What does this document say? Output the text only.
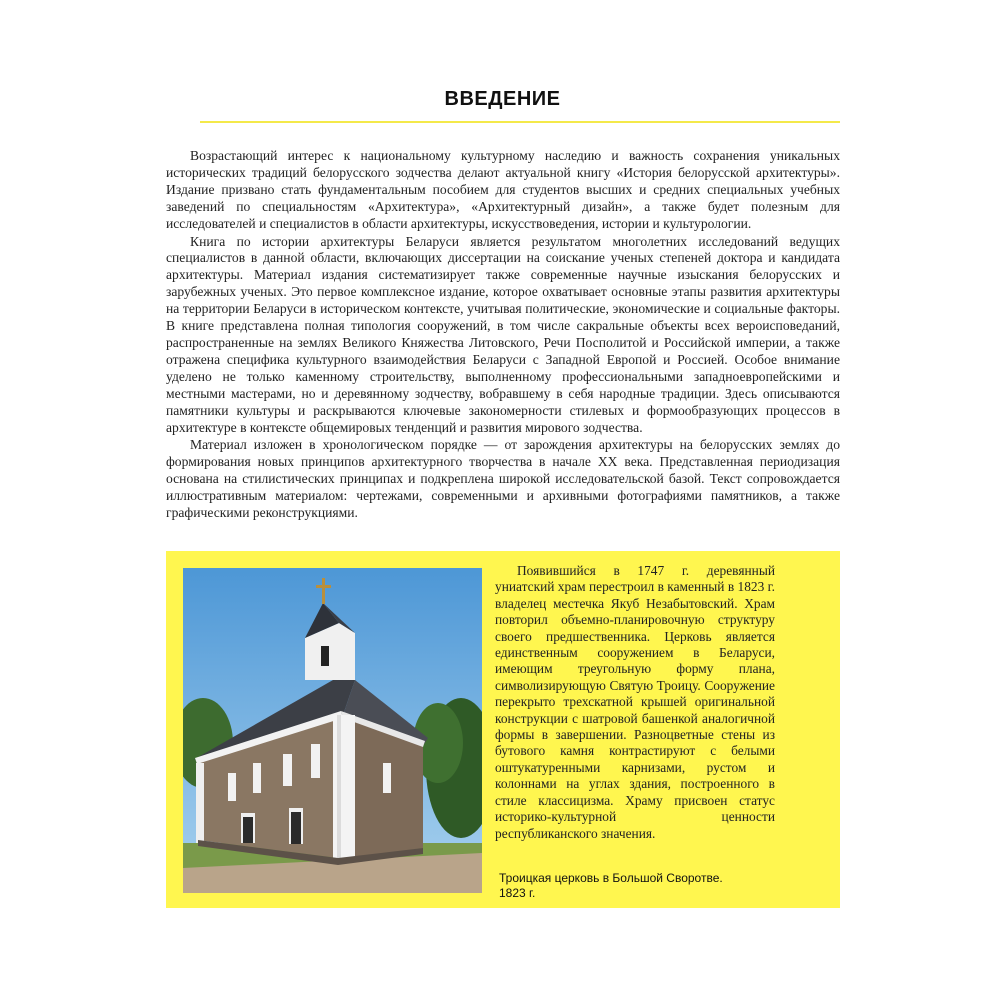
ВВЕДЕНИЕ

Возрастающий интерес к национальному культурному наследию и важность сохранения уникальных исторических традиций белорусского зодчества делают актуальной книгу «История белорусской архитектуры». Издание призвано стать фундаментальным пособием для студентов высших и средних специальных учебных заведений по специальностям «Архитектура», «Архитектурный дизайн», а также будет полезным для исследователей и специалистов в области архитектуры, искусствоведения, истории и культурологии.

Книга по истории архитектуры Беларуси является результатом многолетних исследований ведущих специалистов в данной области, включающих диссертации на соискание ученых степеней доктора и кандидата архитектуры. Материал издания систематизирует также современные научные изыскания белорусских и зарубежных ученых. Это первое комплексное издание, которое охватывает основные этапы развития архитектуры на территории Беларуси в историческом контексте, учитывая политические, экономические и социальные факторы. В книге представлена полная типология сооружений, в том числе сакральные объекты всех вероисповеданий, распространенные на землях Великого Княжества Литовского, Речи Посполитой и Российской империи, а также отражена специфика культурного взаимодействия Беларуси с Западной Европой и Россией. Особое внимание уделено не только каменному строительству, выполненному профессиональными западноевропейскими и местными мастерами, но и деревянному зодчеству, вобравшему в себя народные традиции. Здесь описываются памятники культуры и раскрываются ключевые закономерности стилевых и формообразующих процессов в архитектуре в контексте общемировых тенденций и развития мирового зодчества.

Материал изложен в хронологическом порядке — от зарождения архитектуры на белорусских землях до формирования новых принципов архитектурного творчества в начале XX века. Представленная периодизация основана на стилистических принципах и подкреплена широкой исследовательской базой. Текст сопровождается иллюстративным материалом: чертежами, современными и архивными фотографиями памятников, а также графическими реконструкциями.

Появившийся в 1747 г. деревянный униатский храм перестроил в каменный в 1823 г. владелец местечка Якуб Незабытовский. Храм повторил объемно-планировочную структуру своего предшественника. Церковь является единственным сооружением в Беларуси, имеющим треугольную форму плана, символизирующую Святую Троицу. Сооружение перекрыто трехскатной крышей оригинальной конструкции с шатровой башенкой аналогичной формы в завершении. Разноцветные стены из бутового камня контрастируют с белыми оштукатуренными карнизами, рустом и колоннами на углах здания, построенного в стиле классицизма. Храму присвоен статус историко-культурной ценности республиканского значения.

Троицкая церковь в Большой Своротве.
1823 г.
